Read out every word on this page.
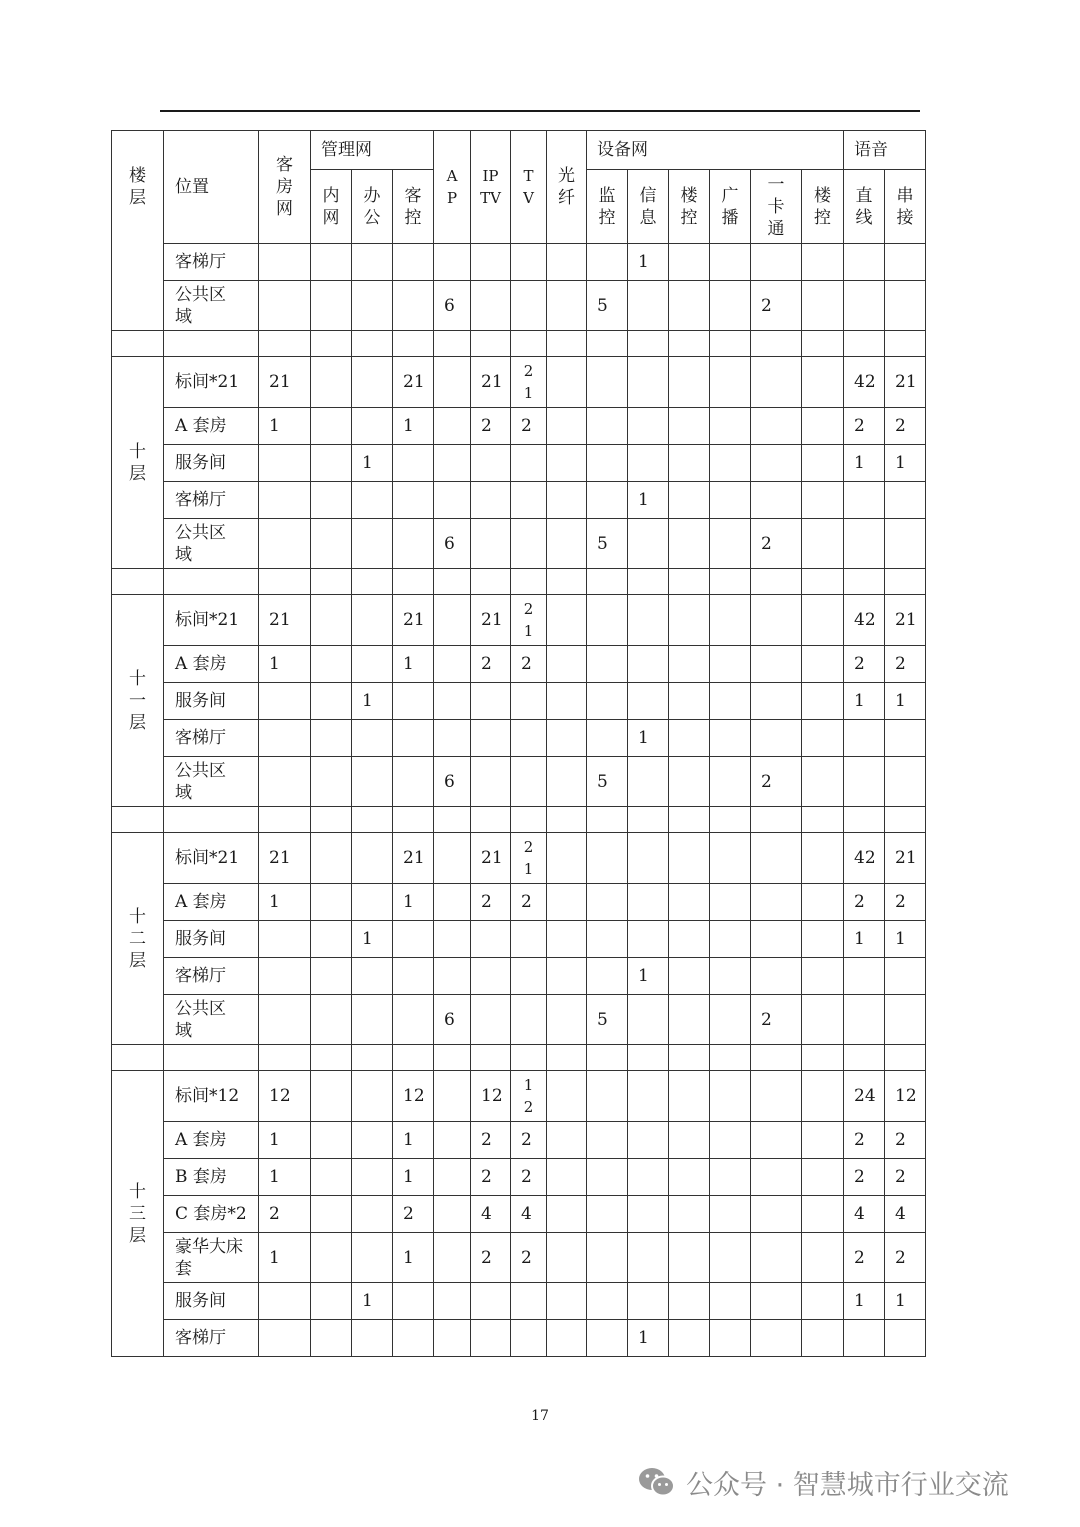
楼层	位置	客房网	管理网			AP	IP TV	TV	光纤	设备网						语音	
			内网	办公	客控					监控	信息	楼控	广播	一卡通	楼控	直线	串接
	客梯厅										1						
	公共区域					6				5				2			

十层	标间*21	21			21		21	21								42	21
	A 套房	1			1		2	2								2	2
	服务间			1												1	1
	客梯厅										1						
	公共区域					6				5				2			

十一层	标间*21	21			21		21	21								42	21
	A 套房	1			1		2	2								2	2
	服务间			1												1	1
	客梯厅										1						
	公共区域					6				5				2			

十二层	标间*21	21			21		21	21								42	21
	A 套房	1			1		2	2								2	2
	服务间			1												1	1
	客梯厅										1						
	公共区域					6				5				2			

十三层	标间*12	12			12		12	12								24	12
	A 套房	1			1		2	2								2	2
	B 套房	1			1		2	2								2	2
	C 套房*2	2			2		4	4								4	4
	豪华大床套	1			1		2	2								2	2
	服务间			1												1	1
	客梯厅										1						
17
公众号 · 智慧城市行业交流
